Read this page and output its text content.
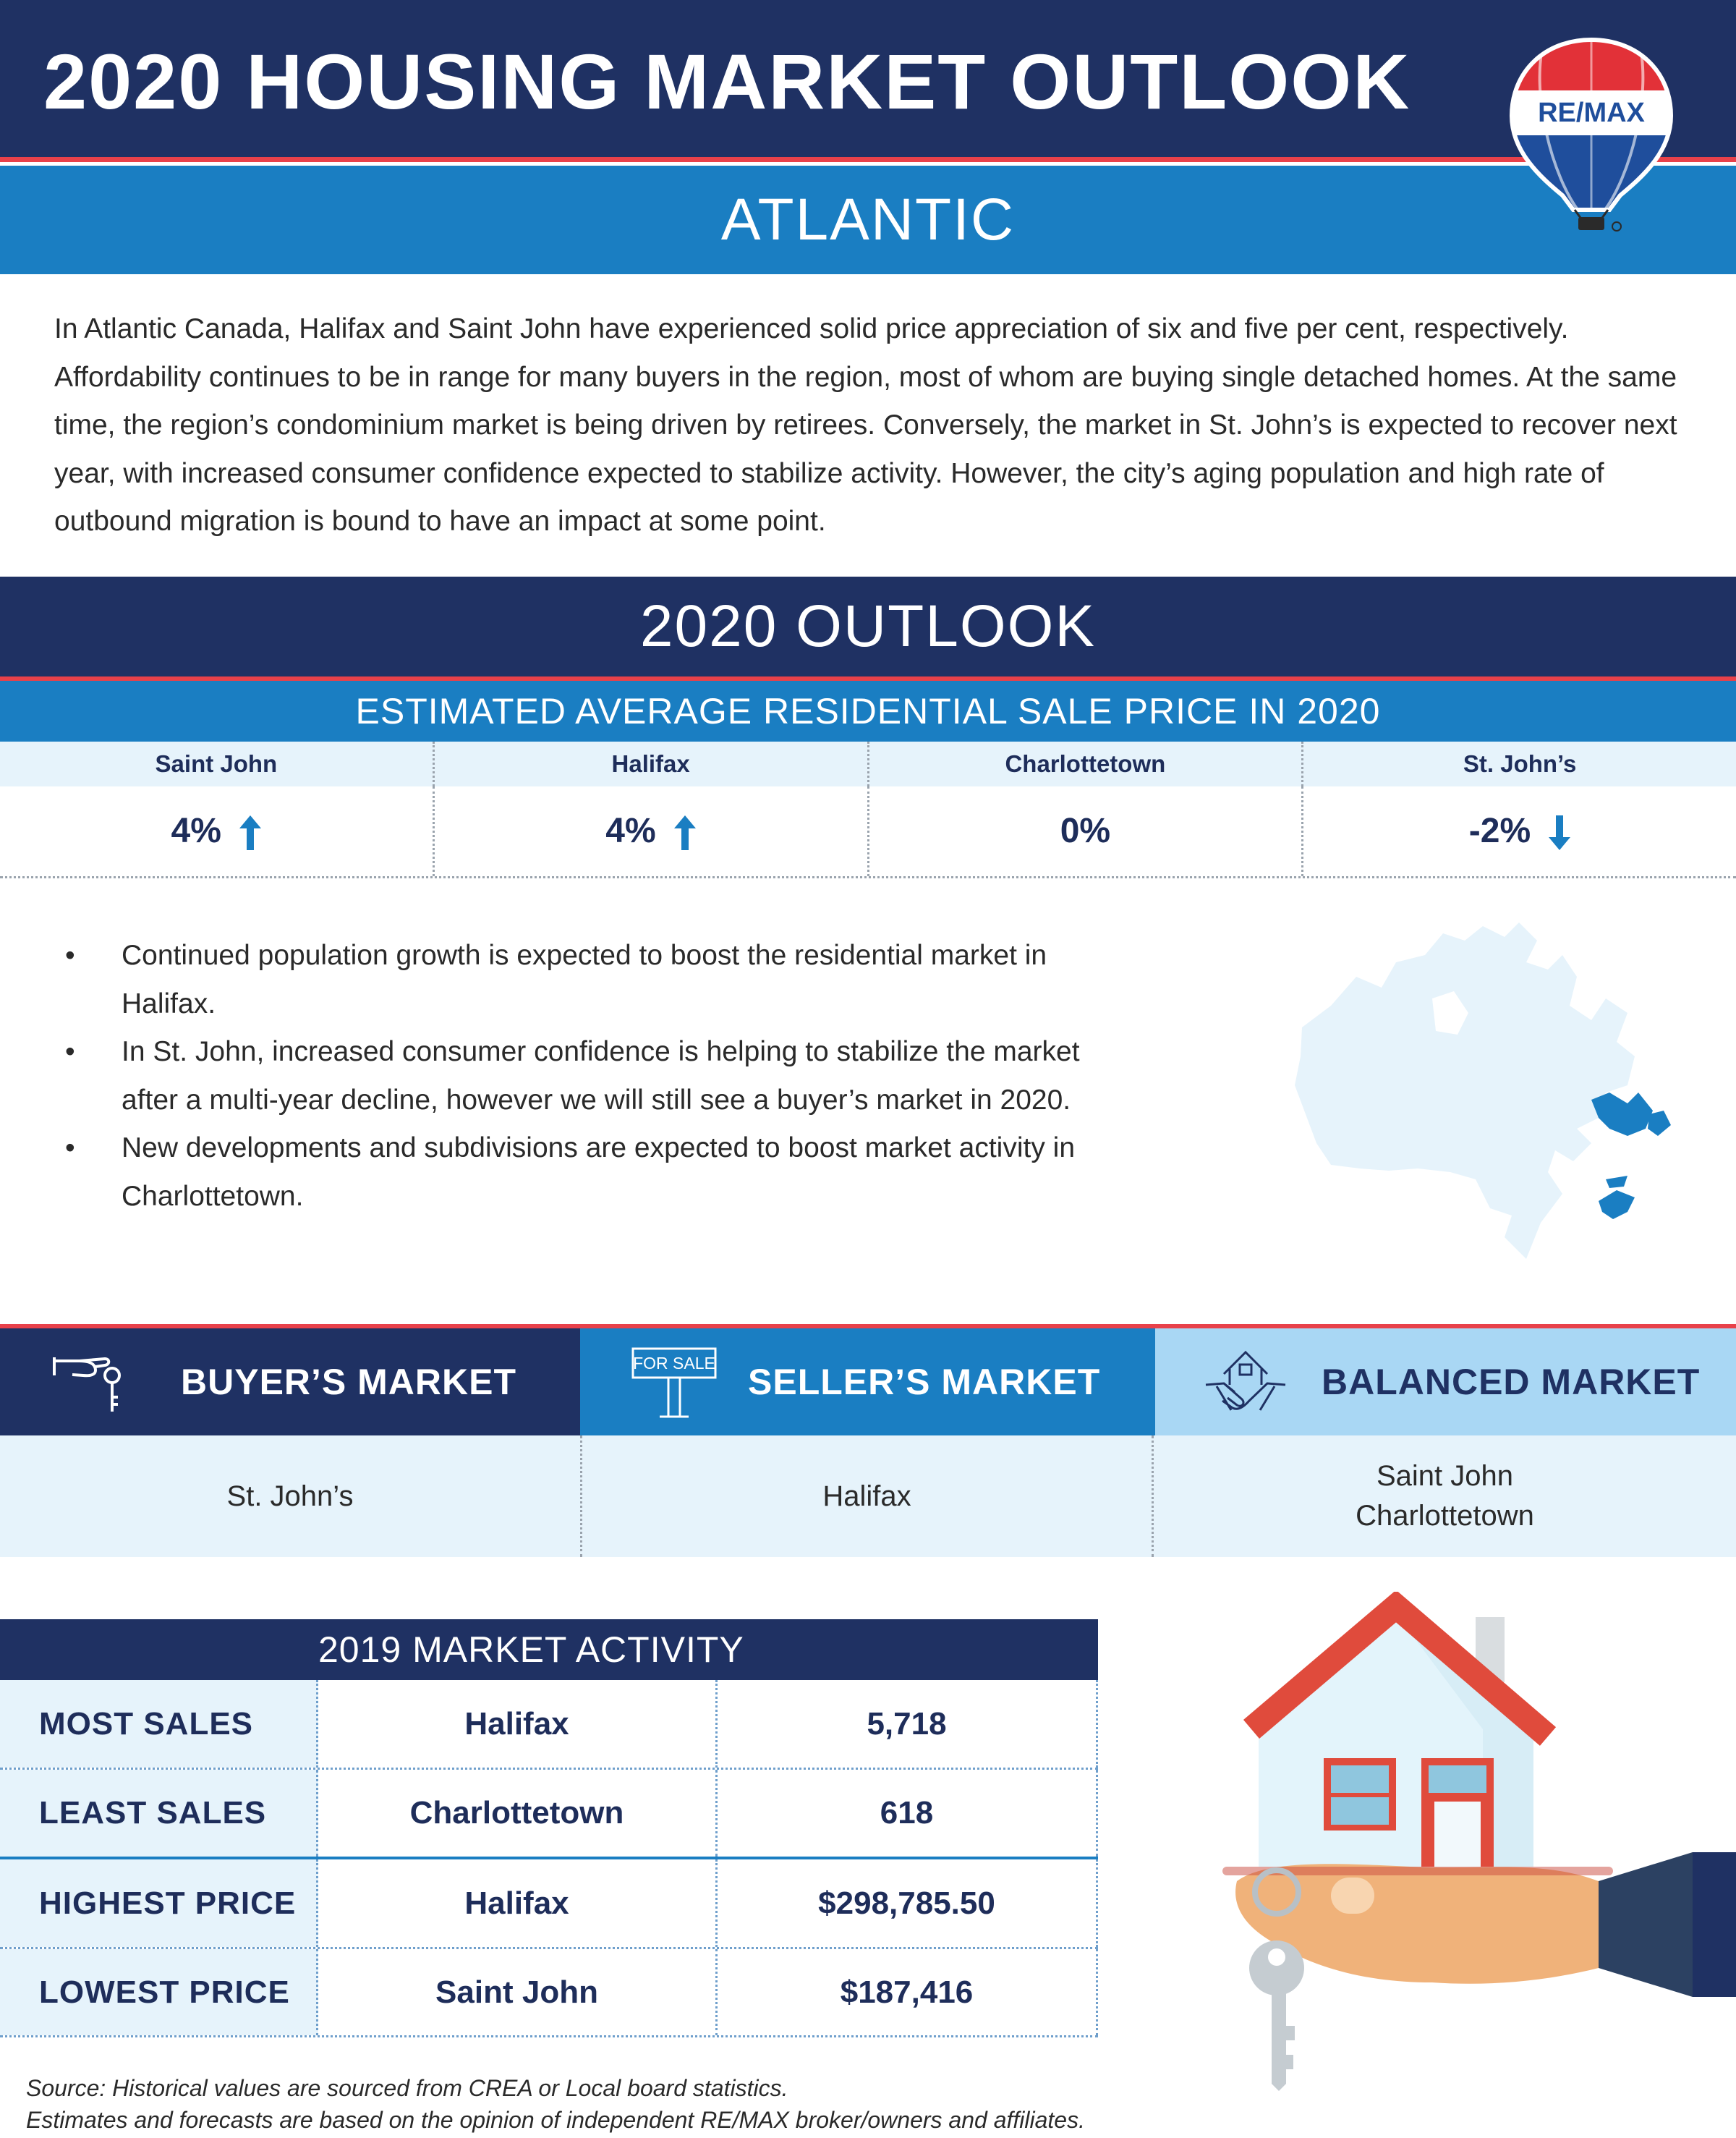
2020 HOUSING MARKET OUTLOOK
ATLANTIC
RE/MAX
In Atlantic Canada, Halifax and Saint John have experienced solid price appreciation of six and five per cent, respectively. Affordability continues to be in range for many buyers in the region, most of whom are buying single detached homes. At the same time, the region’s condominium market is being driven by retirees. Conversely, the market in St. John’s is expected to recover next year, with increased consumer confidence expected to stabilize activity. However, the city’s aging population and high rate of outbound migration is bound to have an impact at some point.
2020 OUTLOOK
ESTIMATED AVERAGE RESIDENTIAL SALE PRICE IN 2020
Saint John	Halifax	Charlottetown	St. John’s
4%	4%	0%	-2%
• Continued population growth is expected to boost the residential market in Halifax.
• In St. John, increased consumer confidence is helping to stabilize the market after a multi-year decline, however we will still see a buyer’s market in 2020.
• New developments and subdivisions are expected to boost market activity in Charlottetown.
BUYER’S MARKET	FOR SALE SELLER’S MARKET	BALANCED MARKET
St. John’s	Halifax
Saint John
Charlottetown
2019 MARKET ACTIVITY
MOST SALES	Halifax	5,718
LEAST SALES	Charlottetown	618
HIGHEST PRICE	Halifax	$298,785.50
LOWEST PRICE	Saint John	$187,416
Source: Historical values are sourced from CREA or Local board statistics.
Estimates and forecasts are based on the opinion of independent RE/MAX broker/owners and affiliates.
